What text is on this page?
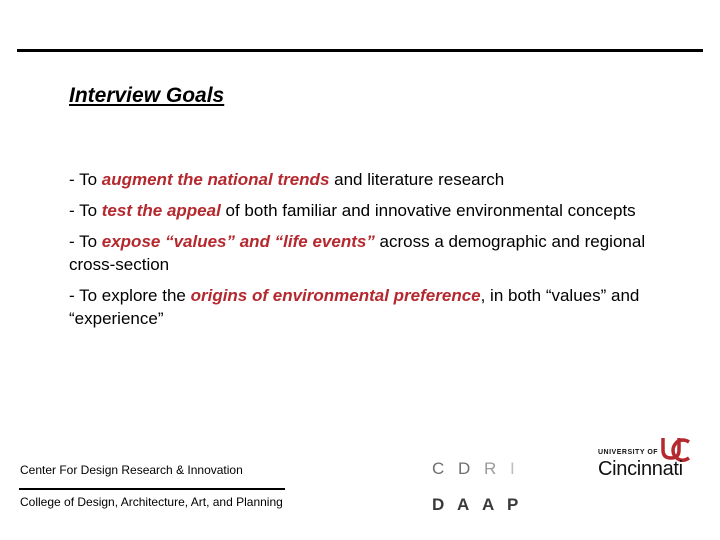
Interview Goals

- To augment the national trends and literature research

- To test the appeal of both familiar and innovative environmental concepts

- To expose “values” and “life events” across a demographic and regional cross-section

- To explore the origins of environmental preference, in both “values” and “experience”

Center For Design Research & Innovation
College of Design, Architecture, Art, and Planning
C D R I
D A A P
UNIVERSITY OF
Cincinnati
